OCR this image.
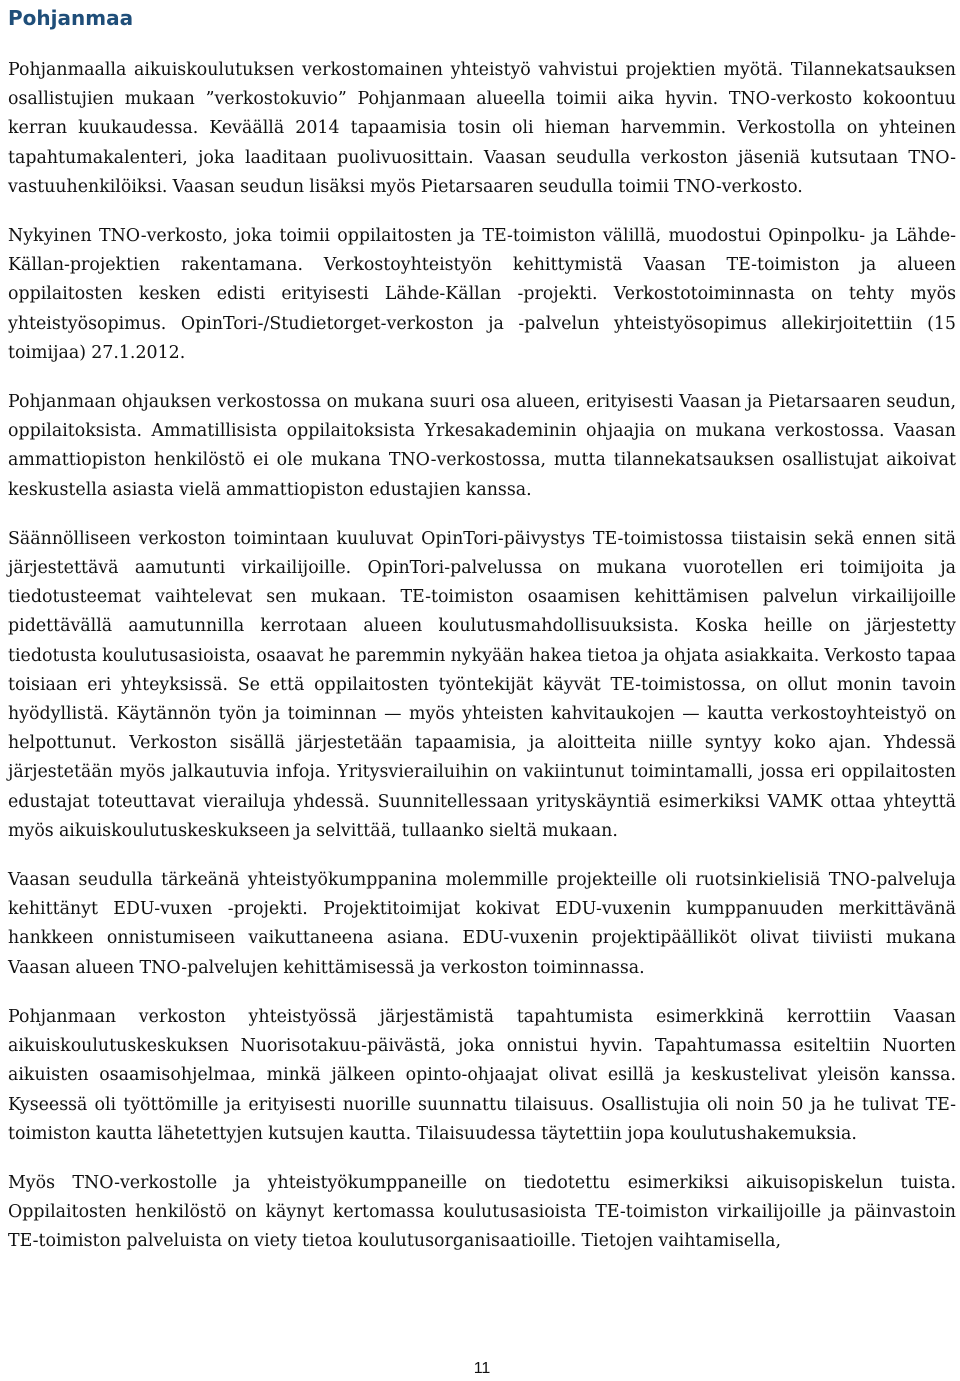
Pohjanmaa

Pohjanmaalla aikuiskoulutuksen verkostomainen yhteistyö vahvistui projektien myötä. Tilannekatsauksen osallistujien mukaan ”verkostokuvio” Pohjanmaan alueella toimii aika hyvin. TNO-verkosto kokoontuu kerran kuukaudessa. Keväällä 2014 tapaamisia tosin oli hieman harvemmin. Verkostolla on yhteinen tapahtumakalenteri, joka laaditaan puolivuosittain. Vaasan seudulla verkoston jäseniä kutsutaan TNO-vastuuhenkilöiksi. Vaasan seudun lisäksi myös Pietarsaaren seudulla toimii TNO-verkosto.

Nykyinen TNO-verkosto, joka toimii oppilaitosten ja TE-toimiston välillä, muodostui Opinpolku- ja Lähde-Källan-projektien rakentamana. Verkostoyhteistyön kehittymistä Vaasan TE-toimiston ja alueen oppilaitosten kesken edisti erityisesti Lähde-Källan -projekti. Verkostotoiminnasta on tehty myös yhteistyösopimus. OpinTori-/Studietorget-verkoston ja -palvelun yhteistyösopimus allekirjoitettiin (15 toimijaa) 27.1.2012.

Pohjanmaan ohjauksen verkostossa on mukana suuri osa alueen, erityisesti Vaasan ja Pietarsaaren seudun, oppilaitoksista. Ammatillisista oppilaitoksista Yrkesakademinin ohjaajia on mukana verkostossa. Vaasan ammattiopiston henkilöstö ei ole mukana TNO-verkostossa, mutta tilannekatsauksen osallistujat aikoivat keskustella asiasta vielä ammattiopiston edustajien kanssa.

Säännölliseen verkoston toimintaan kuuluvat OpinTori-päivystys TE-toimistossa tiistaisin sekä ennen sitä järjestettävä aamutunti virkailijoille. OpinTori-palvelussa on mukana vuorotellen eri toimijoita ja tiedotusteemat vaihtelevat sen mukaan. TE-toimiston osaamisen kehittämisen palvelun virkailijoille pidettävällä aamutunnilla kerrotaan alueen koulutusmahdollisuuksista. Koska heille on järjestetty tiedotusta koulutusasioista, osaavat he paremmin nykyään hakea tietoa ja ohjata asiakkaita. Verkosto tapaa toisiaan eri yhteyksissä. Se että oppilaitosten työntekijät käyvät TE-toimistossa, on ollut monin tavoin hyödyllistä. Käytännön työn ja toiminnan — myös yhteisten kahvitaukojen — kautta verkostoyhteistyö on helpottunut. Verkoston sisällä järjestetään tapaamisia, ja aloitteita niille syntyy koko ajan. Yhdessä järjestetään myös jalkautuvia infoja. Yritysvierailuihin on vakiintunut toimintamalli, jossa eri oppilaitosten edustajat toteuttavat vierailuja yhdessä. Suunnitellessaan yrityskäyntiä esimerkiksi VAMK ottaa yhteyttä myös aikuiskoulutuskeskukseen ja selvittää, tullaanko sieltä mukaan.

Vaasan seudulla tärkeänä yhteistyökumppanina molemmille projekteille oli ruotsinkielisiä TNO-palveluja kehittänyt EDU-vuxen -projekti. Projektitoimijat kokivat EDU-vuxenin kumppanuuden merkittävänä hankkeen onnistumiseen vaikuttaneena asiana. EDU-vuxenin projektipäälliköt olivat tiiviisti mukana Vaasan alueen TNO-palvelujen kehittämisessä ja verkoston toiminnassa.

Pohjanmaan verkoston yhteistyössä järjestämistä tapahtumista esimerkkinä kerrottiin Vaasan aikuiskoulutuskeskuksen Nuorisotakuu-päivästä, joka onnistui hyvin. Tapahtumassa esiteltiin Nuorten aikuisten osaamisohjelmaa, minkä jälkeen opinto-ohjaajat olivat esillä ja keskustelivat yleisön kanssa. Kyseessä oli työttömille ja erityisesti nuorille suunnattu tilaisuus. Osallistujia oli noin 50 ja he tulivat TE-toimiston kautta lähetettyjen kutsujen kautta. Tilaisuudessa täytettiin jopa koulutushakemuksia.

Myös TNO-verkostolle ja yhteistyökumppaneille on tiedotettu esimerkiksi aikuisopiskelun tuista. Oppilaitosten henkilöstö on käynyt kertomassa koulutusasioista TE-toimiston virkailijoille ja päinvastoin TE-toimiston palveluista on viety tietoa koulutusorganisaatioille. Tietojen vaihtamisella,

11
